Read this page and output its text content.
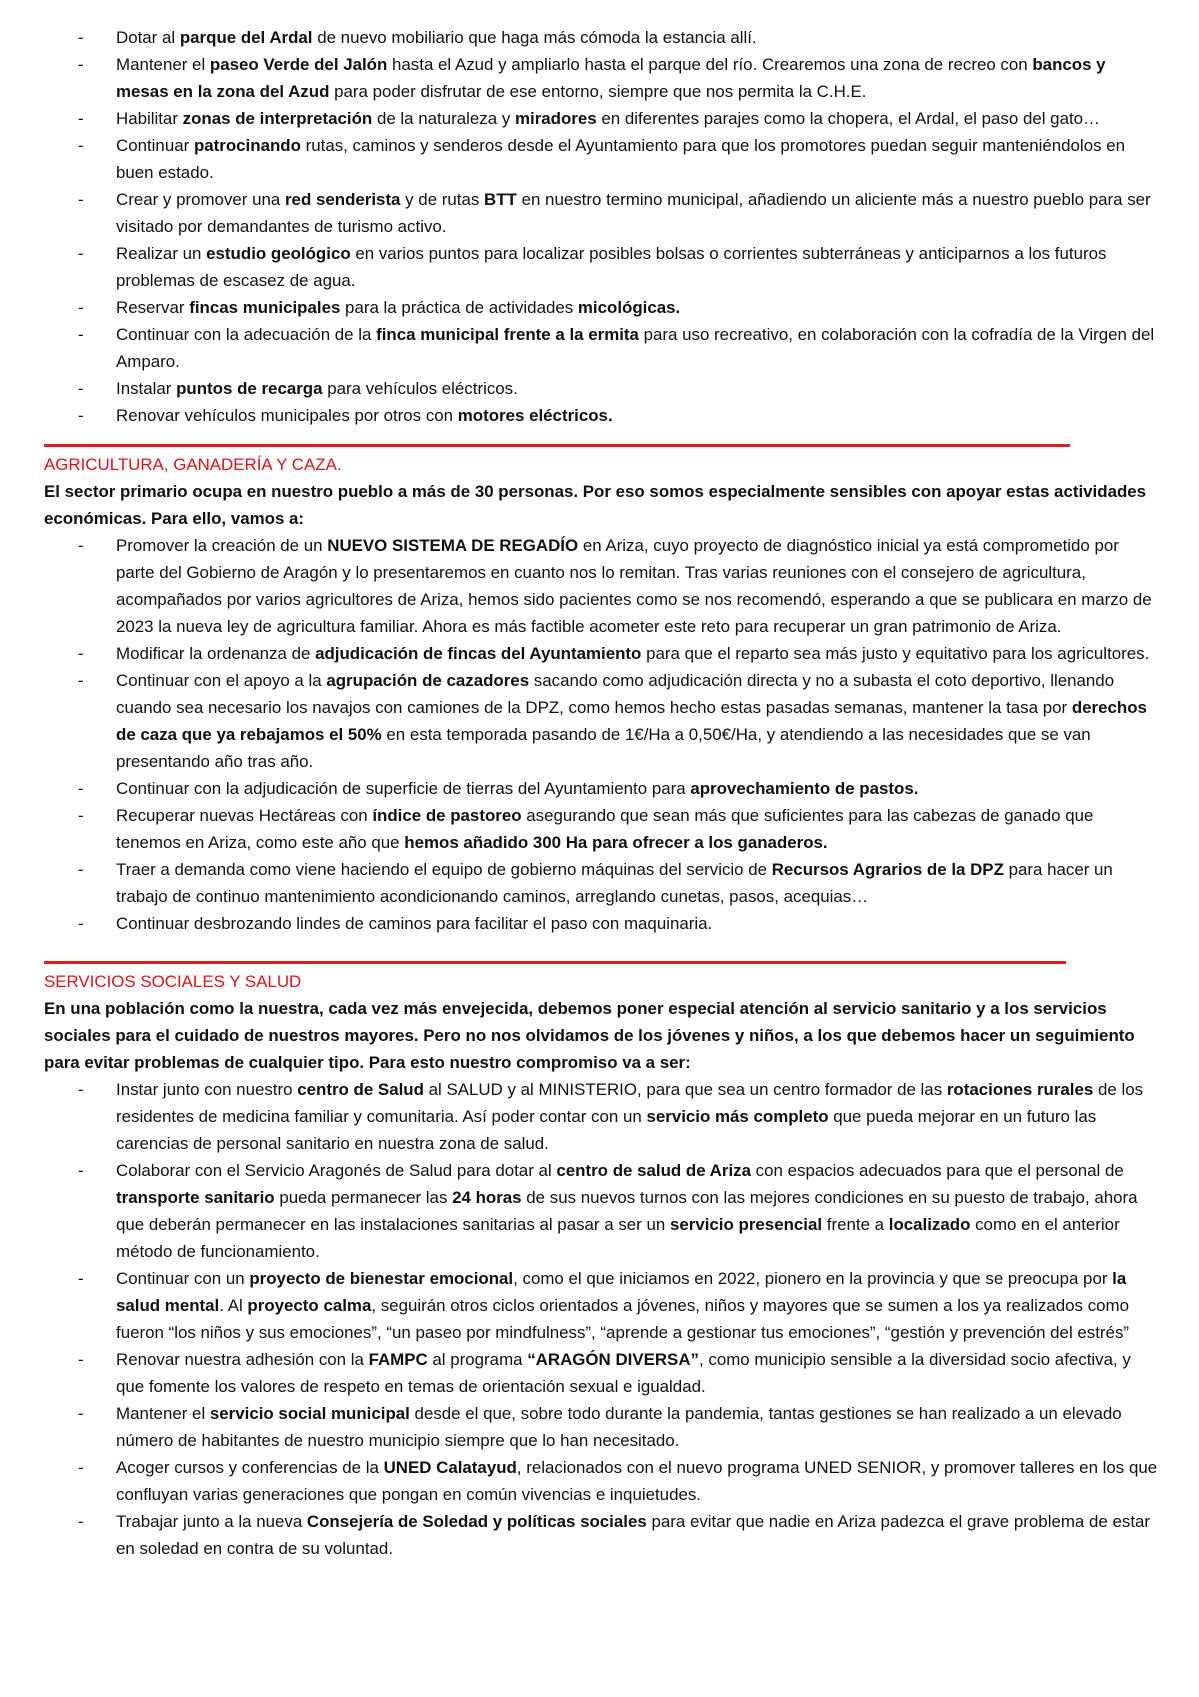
- Dotar al parque del Ardal de nuevo mobiliario que haga más cómoda la estancia allí.
- Mantener el paseo Verde del Jalón hasta el Azud y ampliarlo hasta el parque del río. Crearemos una zona de recreo con bancos y mesas en la zona del Azud para poder disfrutar de ese entorno, siempre que nos permita la C.H.E.
- Habilitar zonas de interpretación de la naturaleza y miradores en diferentes parajes como la chopera, el Ardal, el paso del gato…
- Continuar patrocinando rutas, caminos y senderos desde el Ayuntamiento para que los promotores puedan seguir manteniéndolos en buen estado.
- Crear y promover una red senderista y de rutas BTT en nuestro termino municipal, añadiendo un aliciente más a nuestro pueblo para ser visitado por demandantes de turismo activo.
- Realizar un estudio geológico en varios puntos para localizar posibles bolsas o corrientes subterráneas y anticiparnos a los futuros problemas de escasez de agua.
- Reservar fincas municipales para la práctica de actividades micológicas.
- Continuar con la adecuación de la finca municipal frente a la ermita para uso recreativo, en colaboración con la cofradía de la Virgen del Amparo.
- Instalar puntos de recarga para vehículos eléctricos.
- Renovar vehículos municipales por otros con motores eléctricos.
AGRICULTURA, GANADERÍA Y CAZA.

El sector primario ocupa en nuestro pueblo a más de 30 personas. Por eso somos especialmente sensibles con apoyar estas actividades económicas. Para ello, vamos a:

- Promover la creación de un NUEVO SISTEMA DE REGADÍO en Ariza, cuyo proyecto de diagnóstico inicial ya está comprometido por parte del Gobierno de Aragón y lo presentaremos en cuanto nos lo remitan. Tras varias reuniones con el consejero de agricultura, acompañados por varios agricultores de Ariza, hemos sido pacientes como se nos recomendó, esperando a que se publicara en marzo de 2023 la nueva ley de agricultura familiar. Ahora es más factible acometer este reto para recuperar un gran patrimonio de Ariza.
- Modificar la ordenanza de adjudicación de fincas del Ayuntamiento para que el reparto sea más justo y equitativo para los agricultores.
- Continuar con el apoyo a la agrupación de cazadores sacando como adjudicación directa y no a subasta el coto deportivo, llenando cuando sea necesario los navajos con camiones de la DPZ, como hemos hecho estas pasadas semanas, mantener la tasa por derechos de caza que ya rebajamos el 50% en esta temporada pasando de 1€/Ha a 0,50€/Ha, y atendiendo a las necesidades que se van presentando año tras año.
- Continuar con la adjudicación de superficie de tierras del Ayuntamiento para aprovechamiento de pastos.
- Recuperar nuevas Hectáreas con índice de pastoreo asegurando que sean más que suficientes para las cabezas de ganado que tenemos en Ariza, como este año que hemos añadido 300 Ha para ofrecer a los ganaderos.
- Traer a demanda como viene haciendo el equipo de gobierno máquinas del servicio de Recursos Agrarios de la DPZ para hacer un trabajo de continuo mantenimiento acondicionando caminos, arreglando cunetas, pasos, acequias…
- Continuar desbrozando lindes de caminos para facilitar el paso con maquinaria.
SERVICIOS SOCIALES Y SALUD

En una población como la nuestra, cada vez más envejecida, debemos poner especial atención al servicio sanitario y a los servicios sociales para el cuidado de nuestros mayores. Pero no nos olvidamos de los jóvenes y niños, a los que debemos hacer un seguimiento para evitar problemas de cualquier tipo. Para esto nuestro compromiso va a ser:

- Instar junto con nuestro centro de Salud al SALUD y al MINISTERIO, para que sea un centro formador de las rotaciones rurales de los residentes de medicina familiar y comunitaria. Así poder contar con un servicio más completo que pueda mejorar en un futuro las carencias de personal sanitario en nuestra zona de salud.
- Colaborar con el Servicio Aragonés de Salud para dotar al centro de salud de Ariza con espacios adecuados para que el personal de transporte sanitario pueda permanecer las 24 horas de sus nuevos turnos con las mejores condiciones en su puesto de trabajo, ahora que deberán permanecer en las instalaciones sanitarias al pasar a ser un servicio presencial frente a localizado como en el anterior método de funcionamiento.
- Continuar con un proyecto de bienestar emocional, como el que iniciamos en 2022, pionero en la provincia y que se preocupa por la salud mental. Al proyecto calma, seguirán otros ciclos orientados a jóvenes, niños y mayores que se sumen a los ya realizados como fueron “los niños y sus emociones”, “un paseo por mindfulness”, “aprende a gestionar tus emociones”, “gestión y prevención del estrés”
- Renovar nuestra adhesión con la FAMPC al programa “ARAGÓN DIVERSA”, como municipio sensible a la diversidad socio afectiva, y que fomente los valores de respeto en temas de orientación sexual e igualdad.
- Mantener el servicio social municipal desde el que, sobre todo durante la pandemia, tantas gestiones se han realizado a un elevado número de habitantes de nuestro municipio siempre que lo han necesitado.
- Acoger cursos y conferencias de la UNED Calatayud, relacionados con el nuevo programa UNED SENIOR, y promover talleres en los que confluyan varias generaciones que pongan en común vivencias e inquietudes.
- Trabajar junto a la nueva Consejería de Soledad y políticas sociales para evitar que nadie en Ariza padezca el grave problema de estar en soledad en contra de su voluntad.
